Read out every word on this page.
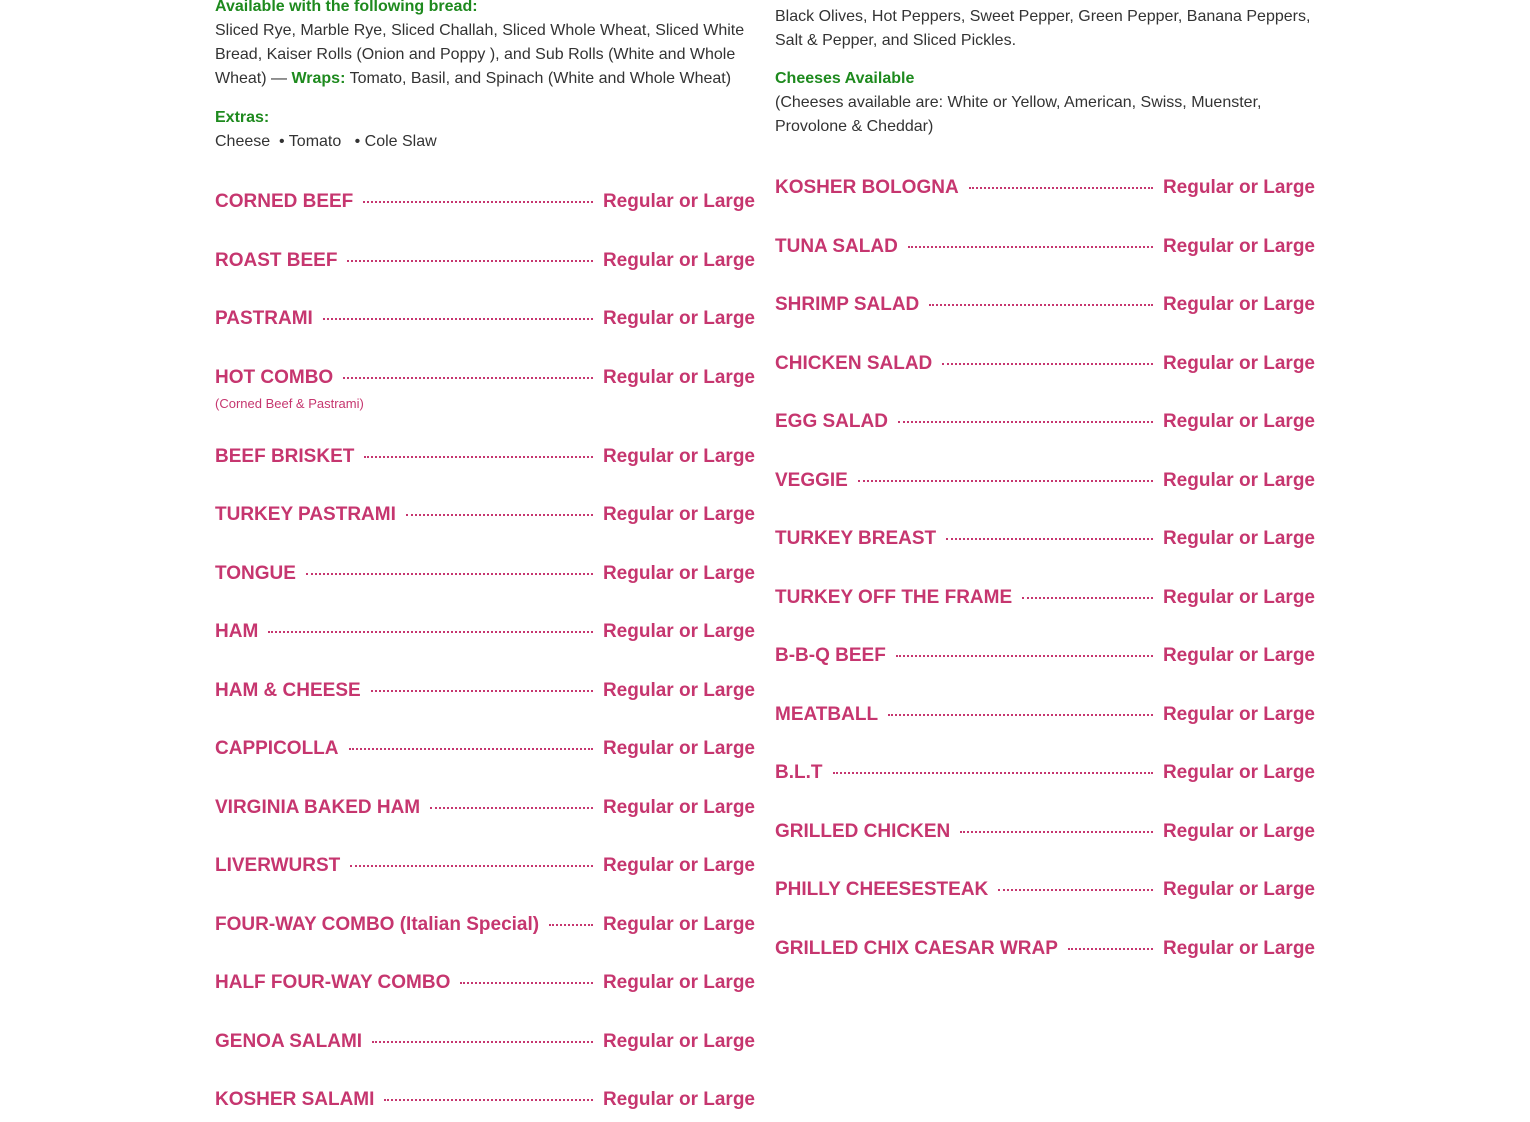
Available with the following bread:
Sliced Rye, Marble Rye, Sliced Challah, Sliced Whole Wheat, Sliced White Bread, Kaiser Rolls (Onion and Poppy ), and Sub Rolls (White and Whole Wheat) — Wraps: Tomato, Basil, and Spinach (White and Whole Wheat)
Extras:
Cheese  • Tomato   • Cole Slaw
CORNED BEEF	Regular or Large
ROAST BEEF	Regular or Large
PASTRAMI	Regular or Large
HOT COMBO	Regular or Large
(Corned Beef & Pastrami)
BEEF BRISKET	Regular or Large
TURKEY PASTRAMI	Regular or Large
TONGUE	Regular or Large
HAM	Regular or Large
HAM & CHEESE	Regular or Large
CAPPICOLLA	Regular or Large
VIRGINIA BAKED HAM	Regular or Large
LIVERWURST	Regular or Large
FOUR-WAY COMBO (Italian Special)	Regular or Large
HALF FOUR-WAY COMBO	Regular or Large
GENOA SALAMI	Regular or Large
KOSHER SALAMI	Regular or Large
Black Olives, Hot Peppers, Sweet Pepper, Green Pepper, Banana Peppers, Salt & Pepper, and Sliced Pickles.
Cheeses Available
(Cheeses available are: White or Yellow, American, Swiss, Muenster, Provolone & Cheddar)
KOSHER BOLOGNA	Regular or Large
TUNA SALAD	Regular or Large
SHRIMP SALAD	Regular or Large
CHICKEN SALAD	Regular or Large
EGG SALAD	Regular or Large
VEGGIE	Regular or Large
TURKEY BREAST	Regular or Large
TURKEY OFF THE FRAME	Regular or Large
B-B-Q BEEF	Regular or Large
MEATBALL	Regular or Large
B.L.T	Regular or Large
GRILLED CHICKEN	Regular or Large
PHILLY CHEESESTEAK	Regular or Large
GRILLED CHIX CAESAR WRAP	Regular or Large
